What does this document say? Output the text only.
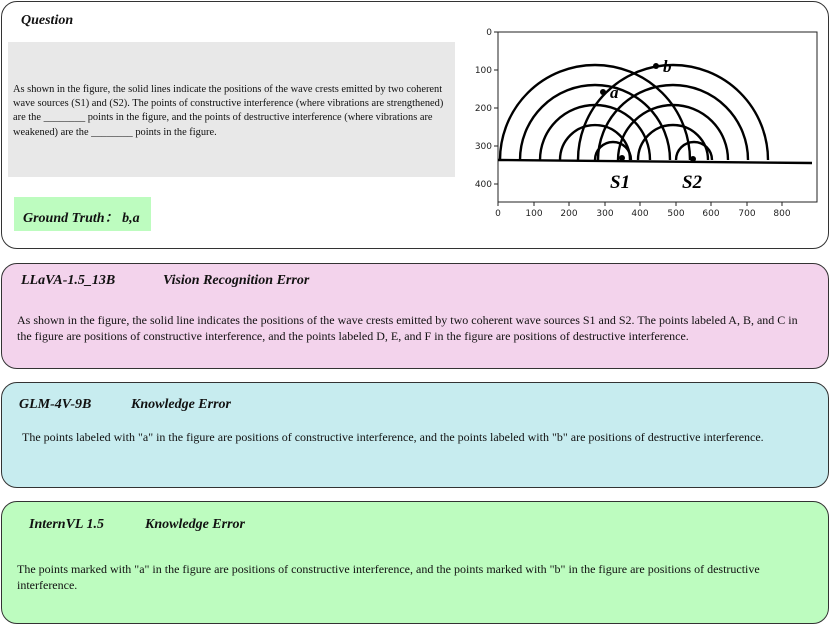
Question
As shown in the figure, the solid lines indicate the positions of the wave crests emitted by two coherent wave sources (S1) and (S2). The points of constructive interference (where vibrations are strengthened) are the ________ points in the figure, and the points of destructive interference (where vibrations are weakened) are the ________ points in the figure.
Ground Truth： b,a
a
b
S1	S2
0	100 200 300 400 500 600 700 800
0
100
200
300
400
LLaVA-1.5_13B	Vision Recognition Error
As shown in the figure, the solid line indicates the positions of the wave crests emitted by two coherent wave sources S1 and S2. The points labeled A, B, and C in the figure are positions of constructive interference, and the points labeled D, E, and F in the figure are positions of destructive interference.
GLM-4V-9B	Knowledge Error
The points labeled with "a" in the figure are positions of constructive interference, and the points labeled with "b" are positions of destructive interference.
InternVL 1.5	Knowledge Error
The points marked with "a" in the figure are positions of constructive interference, and the points marked with "b" in the figure are positions of destructive interference.
